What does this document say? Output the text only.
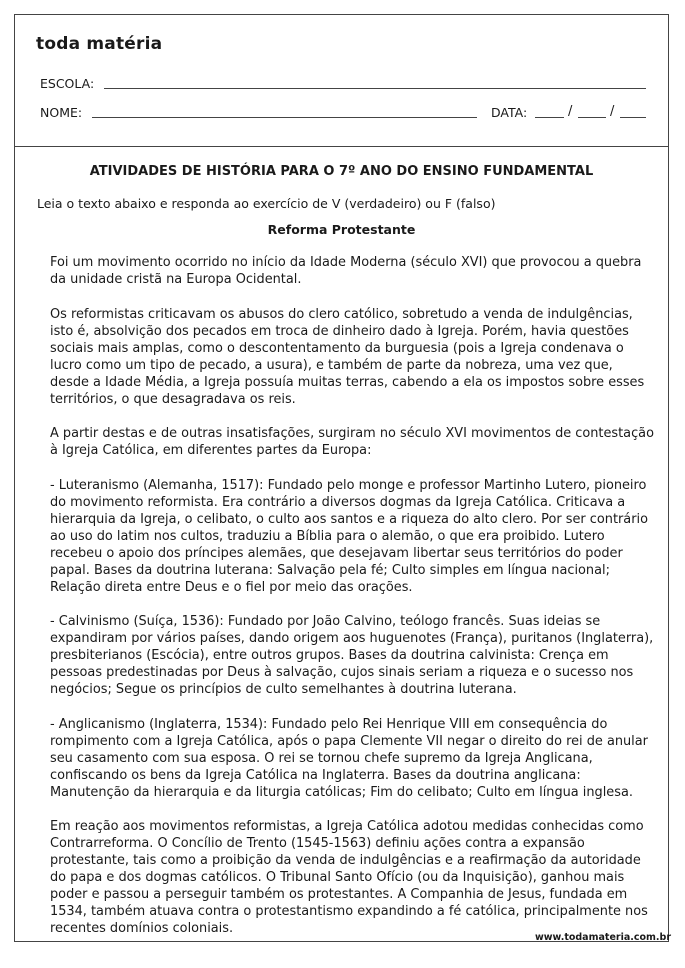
toda matéria
ESCOLA:
NOME:	DATA:	/	/
ATIVIDADES DE HISTÓRIA PARA O 7º ANO DO ENSINO FUNDAMENTAL
Leia o texto abaixo e responda ao exercício de V (verdadeiro) ou F (falso)
Reforma Protestante

Foi um movimento ocorrido no início da Idade Moderna (século XVI) que provocou a quebra da unidade cristã na Europa Ocidental.

Os reformistas criticavam os abusos do clero católico, sobretudo a venda de indulgências, isto é, absolvição dos pecados em troca de dinheiro dado à Igreja. Porém, havia questões sociais mais amplas, como o descontentamento da burguesia (pois a Igreja condenava o lucro como um tipo de pecado, a usura), e também de parte da nobreza, uma vez que, desde a Idade Média, a Igreja possuía muitas terras, cabendo a ela os impostos sobre esses territórios, o que desagradava os reis.

A partir destas e de outras insatisfações, surgiram no século XVI movimentos de contestação à Igreja Católica, em diferentes partes da Europa:

- Luteranismo (Alemanha, 1517): Fundado pelo monge e professor Martinho Lutero, pioneiro do movimento reformista. Era contrário a diversos dogmas da Igreja Católica. Criticava a hierarquia da Igreja, o celibato, o culto aos santos e a riqueza do alto clero. Por ser contrário ao uso do latim nos cultos, traduziu a Bíblia para o alemão, o que era proibido. Lutero recebeu o apoio dos príncipes alemães, que desejavam libertar seus territórios do poder papal. Bases da doutrina luterana: Salvação pela fé; Culto simples em língua nacional; Relação direta entre Deus e o fiel por meio das orações.

- Calvinismo (Suíça, 1536): Fundado por João Calvino, teólogo francês. Suas ideias se expandiram por vários países, dando origem aos huguenotes (França), puritanos (Inglaterra), presbiterianos (Escócia), entre outros grupos. Bases da doutrina calvinista: Crença em pessoas predestinadas por Deus à salvação, cujos sinais seriam a riqueza e o sucesso nos negócios; Segue os princípios de culto semelhantes à doutrina luterana.

- Anglicanismo (Inglaterra, 1534): Fundado pelo Rei Henrique VIII em consequência do rompimento com a Igreja Católica, após o papa Clemente VII negar o direito do rei de anular seu casamento com sua esposa. O rei se tornou chefe supremo da Igreja Anglicana, confiscando os bens da Igreja Católica na Inglaterra. Bases da doutrina anglicana: Manutenção da hierarquia e da liturgia católicas; Fim do celibato; Culto em língua inglesa.

Em reação aos movimentos reformistas, a Igreja Católica adotou medidas conhecidas como Contrarreforma. O Concílio de Trento (1545-1563) definiu ações contra a expansão protestante, tais como a proibição da venda de indulgências e a reafirmação da autoridade do papa e dos dogmas católicos. O Tribunal Santo Ofício (ou da Inquisição), ganhou mais poder e passou a perseguir também os protestantes. A Companhia de Jesus, fundada em 1534, também atuava contra o protestantismo expandindo a fé católica, principalmente nos recentes domínios coloniais.

www.todamateria.com.br
